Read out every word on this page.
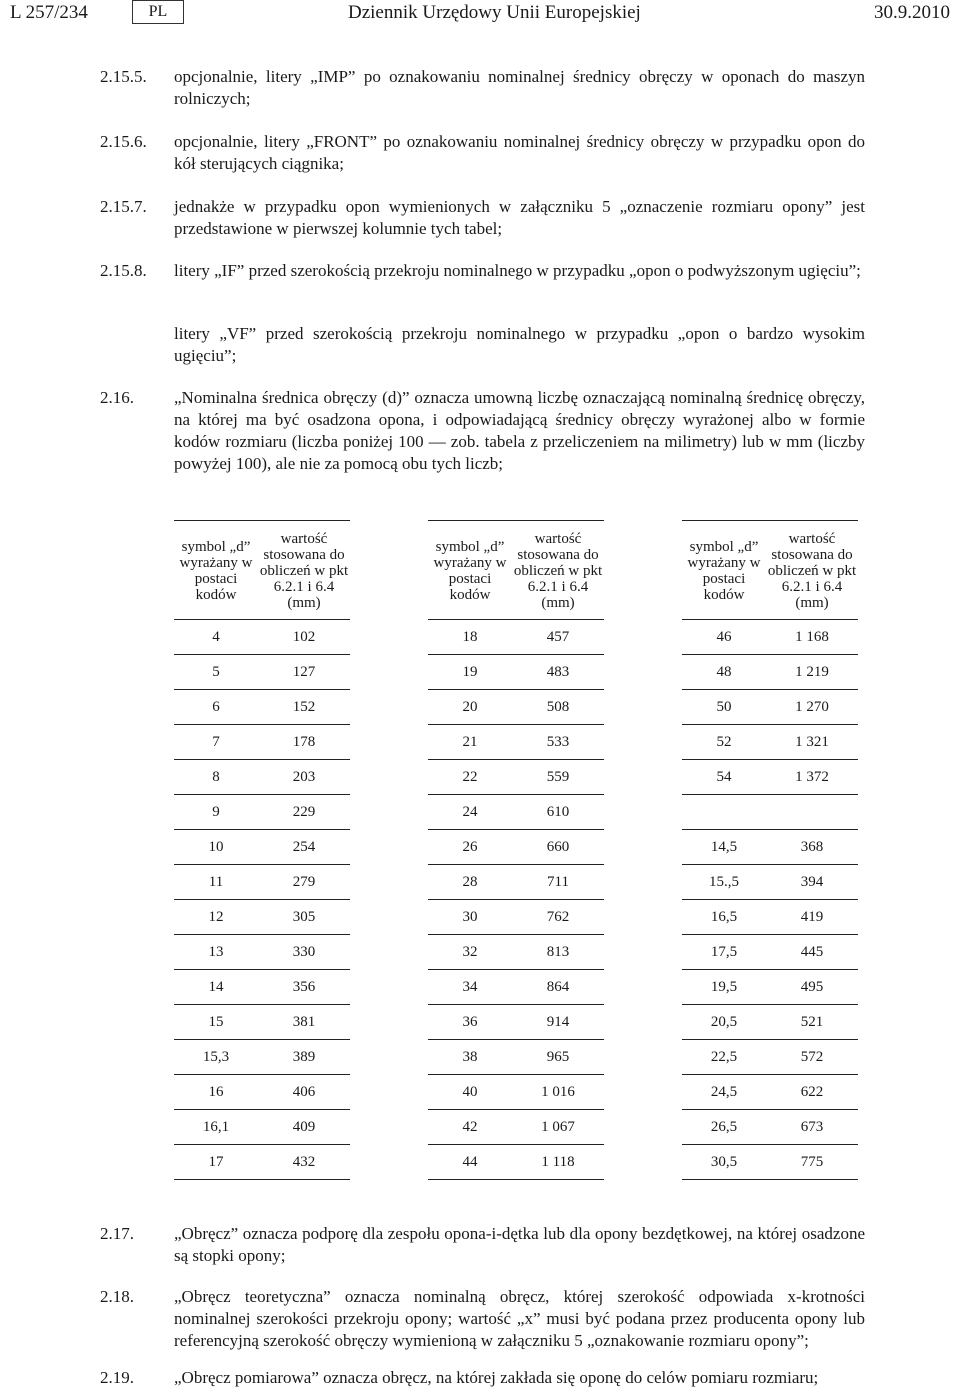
L 257/234	PL	Dziennik Urzędowy Unii Europejskiej	30.9.2010
2.15.5.	opcjonalnie, litery „IMP” po oznakowaniu nominalnej średnicy obręczy w oponach do maszyn rolniczych;
2.15.6.	opcjonalnie, litery „FRONT” po oznakowaniu nominalnej średnicy obręczy w przypadku opon do kół sterujących ciągnika;
2.15.7.	jednakże w przypadku opon wymienionych w załączniku 5 „oznaczenie rozmiaru opony” jest przedstawione w pierwszej kolumnie tych tabel;
2.15.8.	litery „IF” przed szerokością przekroju nominalnego w przypadku „opon o podwyższonym ugięciu”;
litery „VF” przed szerokością przekroju nominalnego w przypadku „opon o bardzo wysokim ugięciu”;
2.16.	„Nominalna średnica obręczy (d)” oznacza umowną liczbę oznaczającą nominalną średnicę obręczy, na której ma być osadzona opona, i odpowiadającą średnicy obręczy wyrażonej albo w formie kodów rozmiaru (liczba poniżej 100 — zob. tabela z przeliczeniem na milimetry) lub w mm (liczby powyżej 100), ale nie za pomocą obu tych liczb;
symbol „d” wyrażany w postaci kodów	wartość stosowana do obliczeń w pkt 6.2.1 i 6.4 (mm)
4	102
5	127
6	152
7	178
8	203
9	229
10	254
11	279
12	305
13	330
14	356
15	381
15,3	389
16	406
16,1	409
17	432
symbol „d” wyrażany w postaci kodów	wartość stosowana do obliczeń w pkt 6.2.1 i 6.4 (mm)
18	457
19	483
20	508
21	533
22	559
24	610
26	660
28	711
30	762
32	813
34	864
36	914
38	965
40	1 016
42	1 067
44	1 118
symbol „d” wyrażany w postaci kodów	wartość stosowana do obliczeń w pkt 6.2.1 i 6.4 (mm)
46	1 168
48	1 219
50	1 270
52	1 321
54	1 372

14,5	368
15.,5	394
16,5	419
17,5	445
19,5	495
20,5	521
22,5	572
24,5	622
26,5	673
30,5	775
2.17.	„Obręcz” oznacza podporę dla zespołu opona-i-dętka lub dla opony bezdętkowej, na której osadzone są stopki opony;
2.18.	„Obręcz teoretyczna” oznacza nominalną obręcz, której szerokość odpowiada x-krotności nominalnej szerokości przekroju opony; wartość „x” musi być podana przez producenta opony lub referencyjną szerokość obręczy wymienioną w załączniku 5 „oznakowanie rozmiaru opony”;
2.19.	„Obręcz pomiarowa” oznacza obręcz, na której zakłada się oponę do celów pomiaru rozmiaru;
